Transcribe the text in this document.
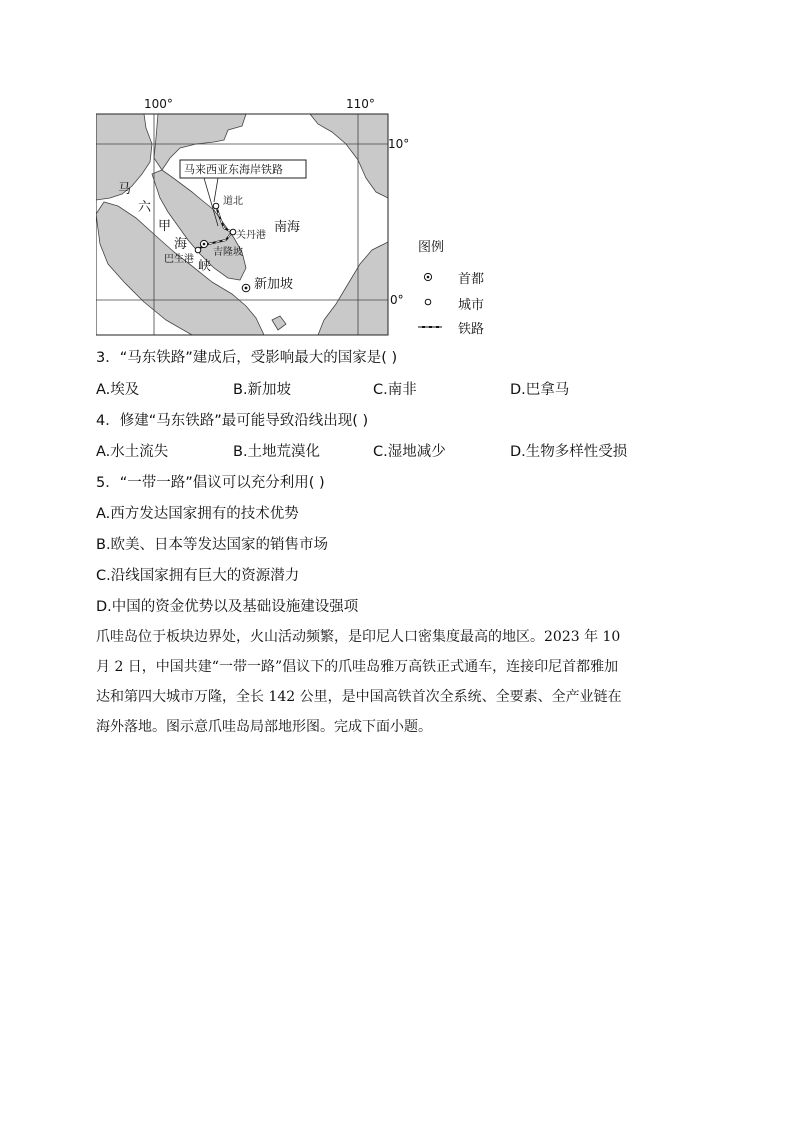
100°	110°
10°
0°
马来西亚东海岸铁路
道北
关丹港
吉隆坡
巴生港
新加坡
马
六
甲
海
峡
南海
图例
首都
城市
铁路
3．“马东铁路”建成后，受影响最大的国家是( )
A.埃及	B.新加坡	C.南非	D.巴拿马
4．修建“马东铁路”最可能导致沿线出现( )
A.水土流失	B.土地荒漠化	C.湿地减少	D.生物多样性受损
5．“一带一路”倡议可以充分利用( )
A.西方发达国家拥有的技术优势
B.欧美、日本等发达国家的销售市场
C.沿线国家拥有巨大的资源潜力
D.中国的资金优势以及基础设施建设强项
爪哇岛位于板块边界处，火山活动频繁，是印尼人口密集度最高的地区。2023 年 10
月 2 日，中国共建“一带一路”倡议下的爪哇岛雅万高铁正式通车，连接印尼首都雅加
达和第四大城市万隆，全长 142 公里，是中国高铁首次全系统、全要素、全产业链在
海外落地。图示意爪哇岛局部地形图。完成下面小题。
